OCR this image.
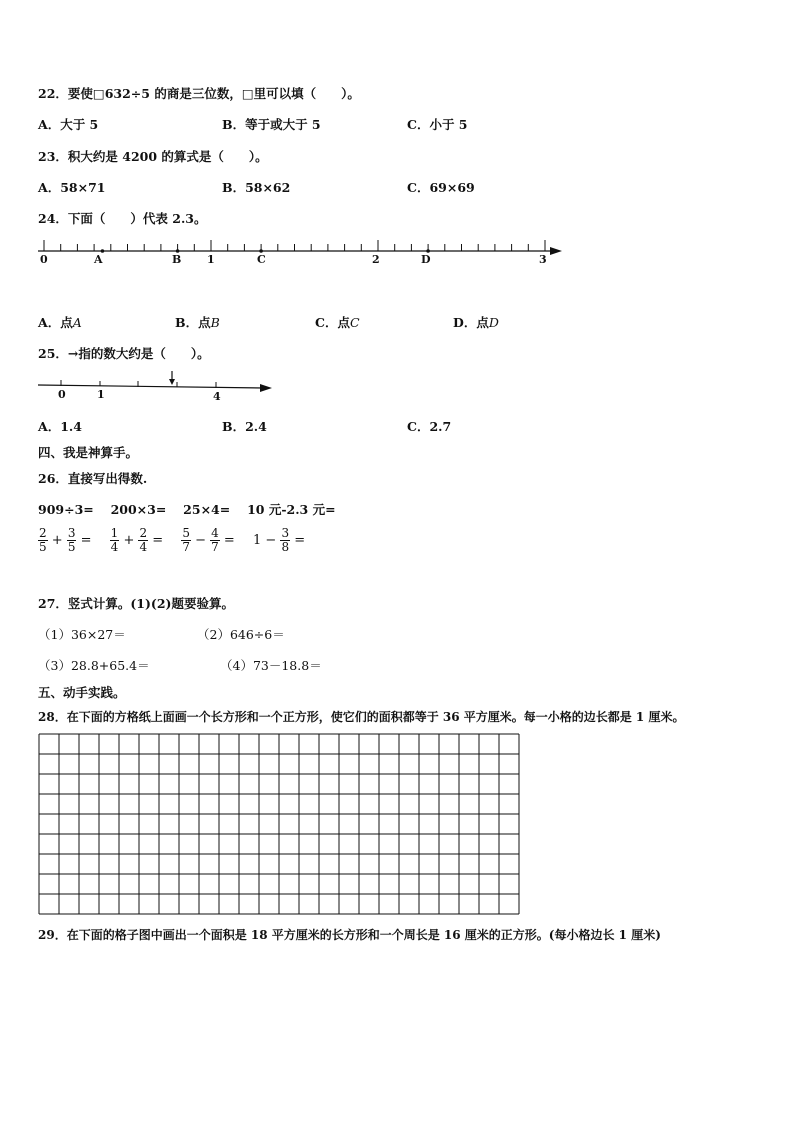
22．要使□632÷5 的商是三位数，□里可以填（　　）。
A．大于 5	B．等于或大于 5	C．小于 5
23．积大约是 4200 的算式是（　　）。
A．58×71	B．58×62	C．69×69
24．下面（　　）代表 2.3。
0	A	B 1	C	2	D	3
A．点A	B．点B	C．点C	D．点D
25．→指的数大约是（　　）。
0	1	4
A．1.4	B．2.4	C．2.7
四、我是神算手。
26．直接写出得数.
909÷3=　 200×3=　 25×4=　 10 元-2.3 元=
$\frac{2}{5} + \frac{3}{5} = \frac{1}{4} + \frac{2}{4} = \frac{5}{7} - \frac{4}{7} = 1 - \frac{3}{8}$ =
27．竖式计算。(1)(2)题要验算。
（1）36×27＝	（2）646÷6＝
（3）28.8+65.4＝	（4）73－18.8＝
五、动手实践。
28．在下面的方格纸上面画一个长方形和一个正方形，使它们的面积都等于 36 平方厘米。每一小格的边长都是 1 厘米。
29．在下面的格子图中画出一个面积是 18 平方厘米的长方形和一个周长是 16 厘米的正方形。(每小格边长 1 厘米)
